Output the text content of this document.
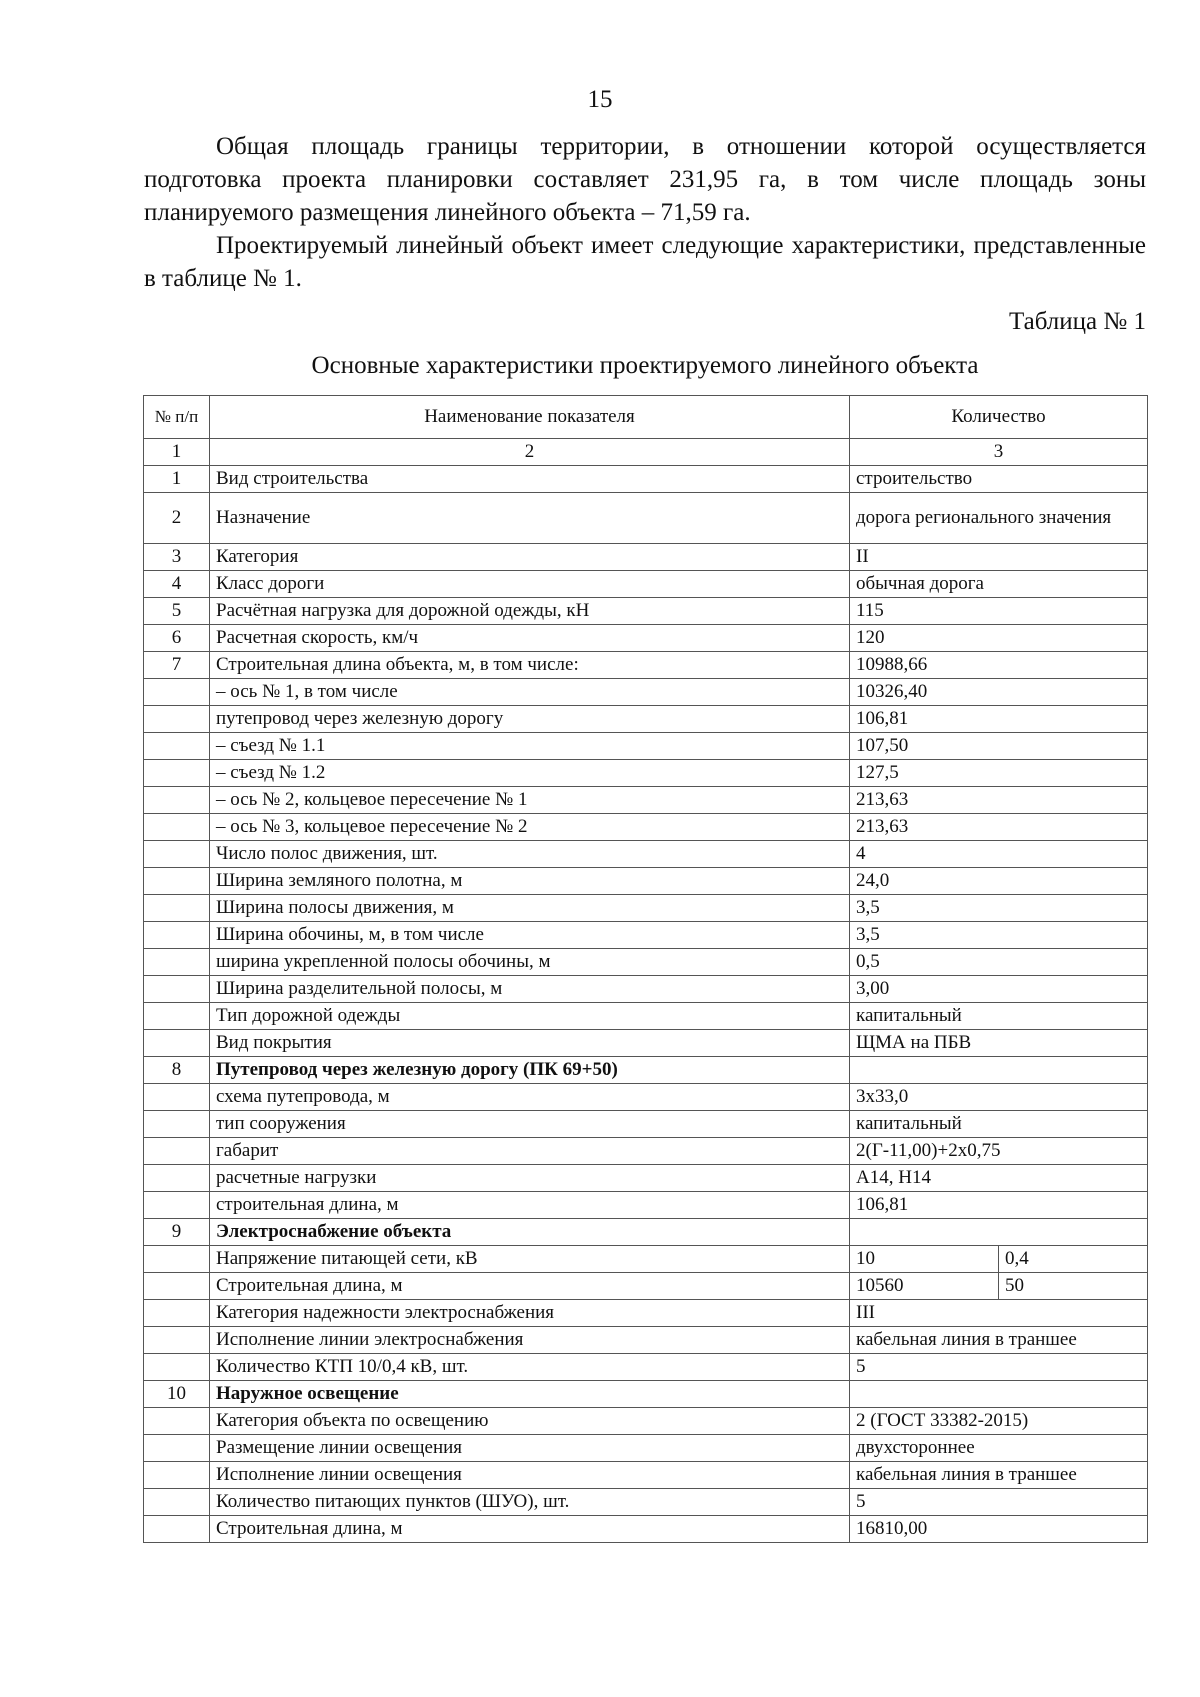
15

Общая площадь границы территории, в отношении которой осуществляется подготовка проекта планировки составляет 231,95 га, в том числе площадь зоны планируемого размещения линейного объекта – 71,59 га.

Проектируемый линейный объект имеет следующие характеристики, представленные в таблице № 1.

Таблица № 1
Основные характеристики проектируемого линейного объекта
№ п/п	Наименование показателя	Количество	
1	2	3	
1	Вид строительства	строительство	
2	Назначение	дорога регионального значения	
3	Категория	II	
4	Класс дороги	обычная дорога	
5	Расчётная нагрузка для дорожной одежды, кН	115	
6	Расчетная скорость, км/ч	120	
7	Строительная длина объекта, м, в том числе:	10988,66	
	– ось № 1, в том числе	10326,40	
	путепровод через железную дорогу	106,81	
	– съезд № 1.1	107,50	
	– съезд № 1.2	127,5	
	– ось № 2, кольцевое пересечение № 1	213,63	
	– ось № 3, кольцевое пересечение № 2	213,63	
	Число полос движения, шт.	4	
	Ширина земляного полотна, м	24,0	
	Ширина полосы движения, м	3,5	
	Ширина обочины, м, в том числе	3,5	
	ширина укрепленной полосы обочины, м	0,5	
	Ширина разделительной полосы, м	3,00	
	Тип дорожной одежды	капитальный	
	Вид покрытия	ЩМА на ПБВ	
8	Путепровод через железную дорогу (ПК 69+50)		
	схема путепровода, м	3х33,0	
	тип сооружения	капитальный	
	габарит	2(Г-11,00)+2х0,75	
	расчетные нагрузки	А14, Н14	
	строительная длина, м	106,81	
9	Электроснабжение объекта		
	Напряжение питающей сети, кВ	10	0,4
	Строительная длина, м	10560	50
	Категория надежности электроснабжения	III	
	Исполнение линии электроснабжения	кабельная линия в траншее	
	Количество КТП 10/0,4 кВ, шт.	5	
10	Наружное освещение		
	Категория объекта по освещению	2 (ГОСТ 33382-2015)	
	Размещение линии освещения	двухстороннее	
	Исполнение линии освещения	кабельная линия в траншее	
	Количество питающих пунктов (ШУО), шт.	5	
	Строительная длина, м	16810,00	
